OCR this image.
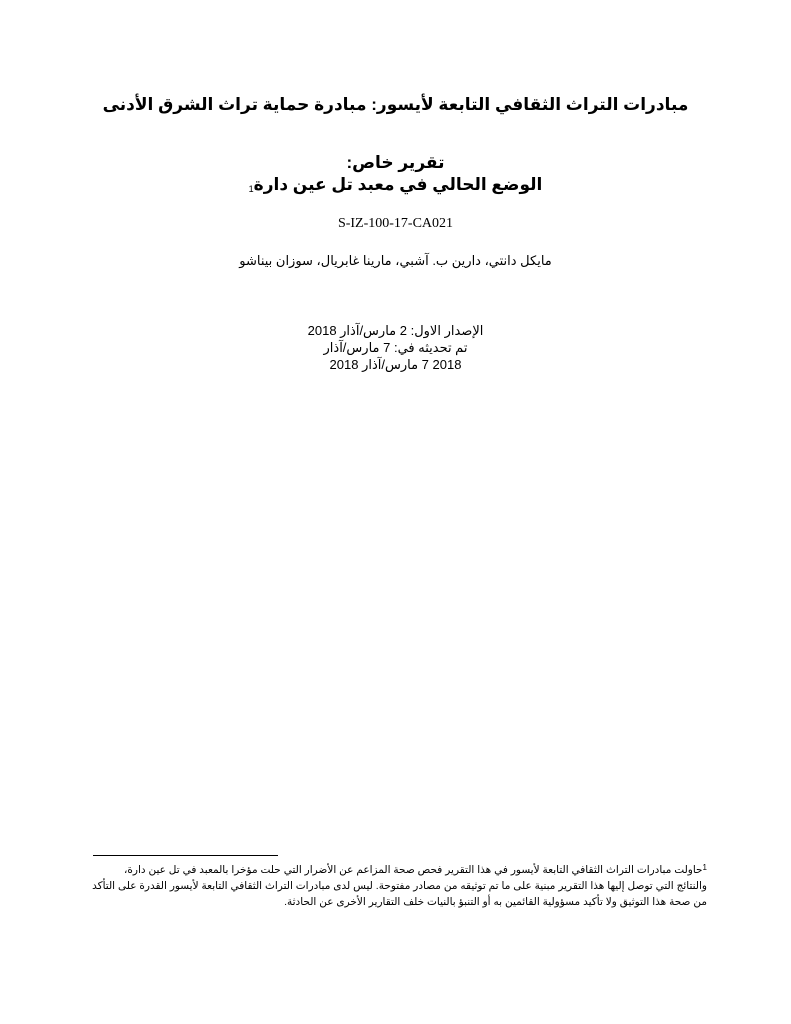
مبادرات التراث الثقافي التابعة لأيسور: مبادرة حماية تراث الشرق الأدنى
تقرير خاص:
الوضع الحالي في معبد تل عين دارة$^1$
S-IZ-100-17-CA021
مايكل دانتي، دارين ب. آشبي، مارينا غابريال، سوزان بيناشو
الإصدار الاول: 2 مارس/آذار 2018
تم تحديثه في: 7 مارس/آذار
2018 7 مارس/آذار 2018
$^1$حاولت مبادرات التراث الثقافي التابعة لأيسور في هذا التقرير فحص صحة المزاعم عن الأضرار التي حلت مؤخرا بالمعبد في تل عين دارة،
والنتائج التي توصل إليها هذا التقرير مبنية على ما تم توثيقه من مصادر مفتوحة. ليس لدى مبادرات التراث الثقافي التابعة لأيسور القدرة على التأكد
من صحة هذا التوثيق ولا تأكيد مسؤولية القائمين به أو التنبؤ بالنيات خلف التقارير الأخرى عن الحادثة.
